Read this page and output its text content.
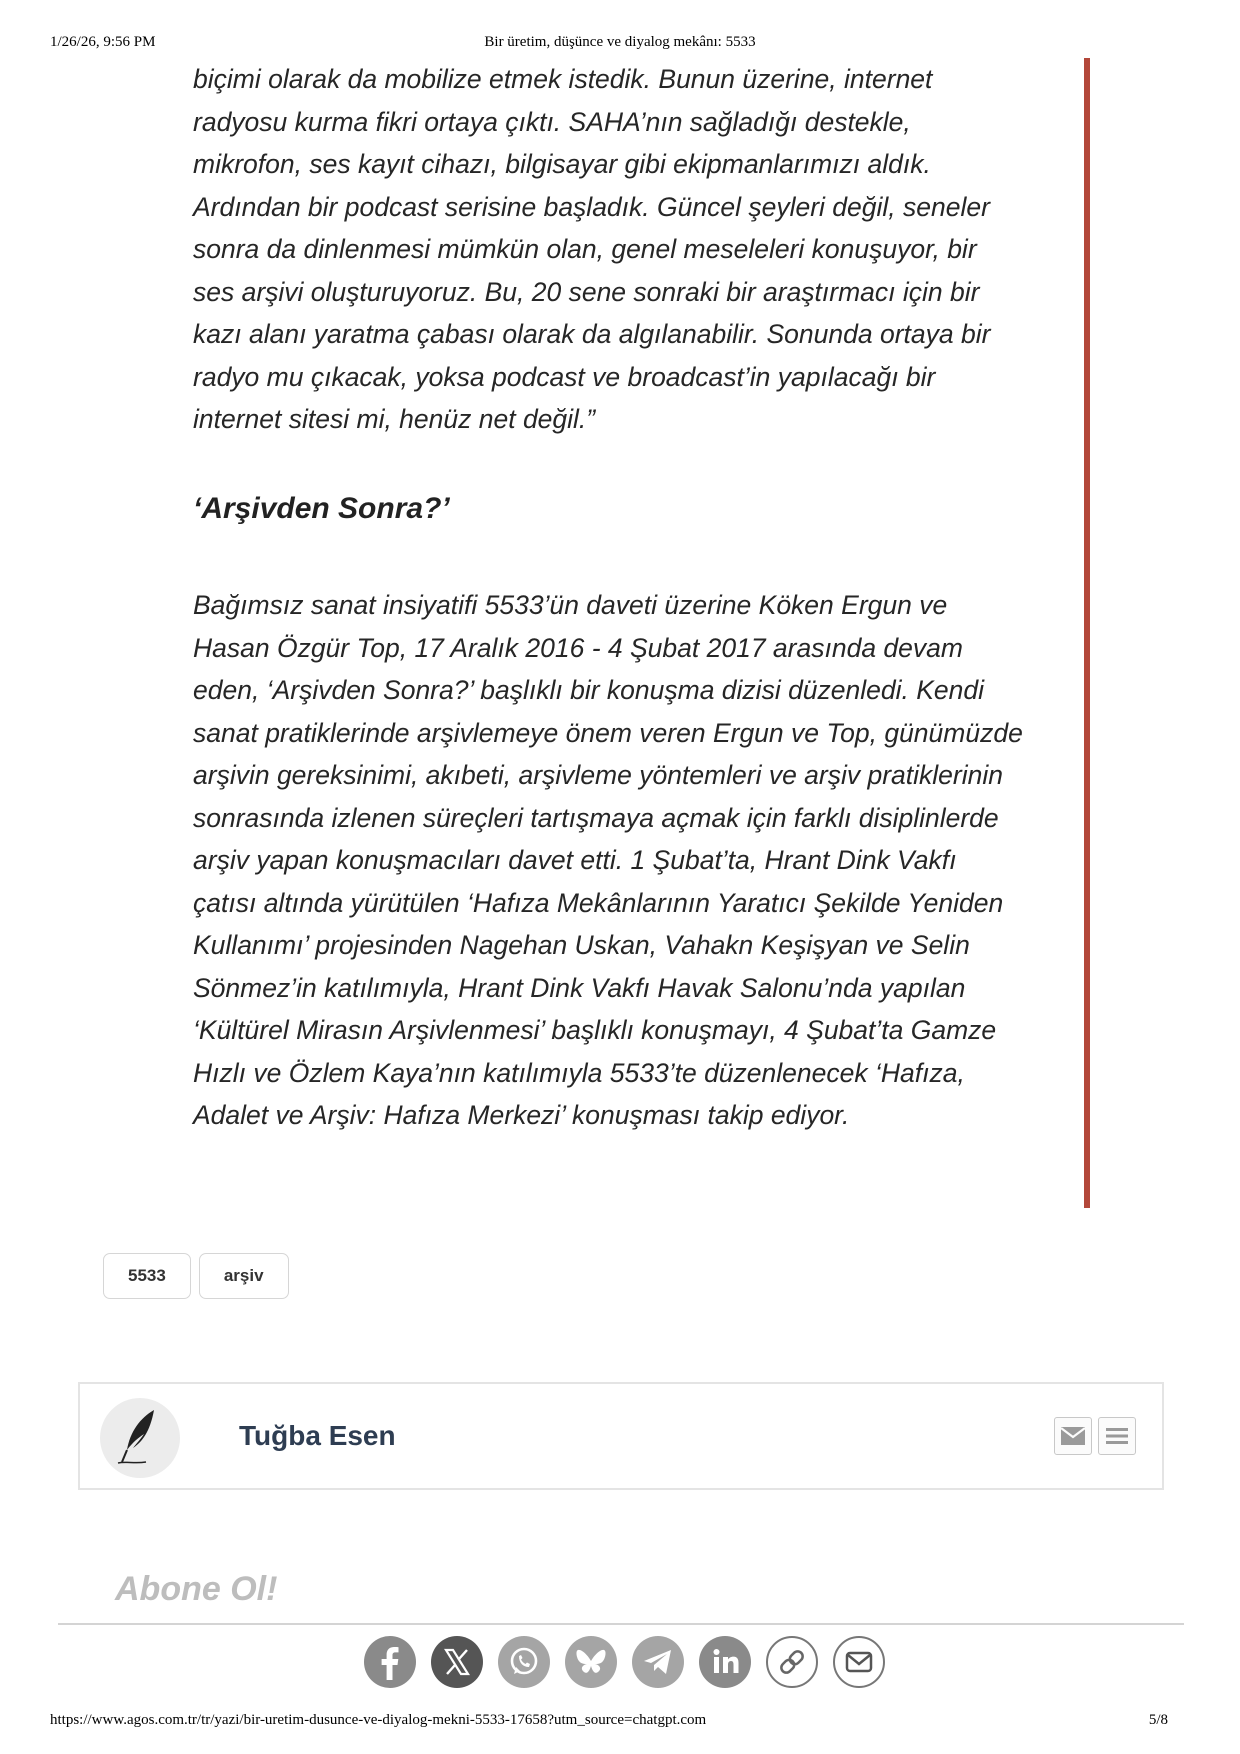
1/26/26, 9:56 PM	Bir üretim, düşünce ve diyalog mekânı: 5533

biçimi olarak da mobilize etmek istedik. Bunun üzerine, internet
radyosu kurma fikri ortaya çıktı. SAHA’nın sağladığı destekle,
mikrofon, ses kayıt cihazı, bilgisayar gibi ekipmanlarımızı aldık.
Ardından bir podcast serisine başladık. Güncel şeyleri değil, seneler
sonra da dinlenmesi mümkün olan, genel meseleleri konuşuyor, bir
ses arşivi oluşturuyoruz. Bu, 20 sene sonraki bir araştırmacı için bir
kazı alanı yaratma çabası olarak da algılanabilir. Sonunda ortaya bir
radyo mu çıkacak, yoksa podcast ve broadcast’in yapılacağı bir
internet sitesi mi, henüz net değil.”

‘Arşivden Sonra?’

Bağımsız sanat insiyatifi 5533’ün daveti üzerine Köken Ergun ve
Hasan Özgür Top, 17 Aralık 2016 - 4 Şubat 2017 arasında devam
eden, ‘Arşivden Sonra?’ başlıklı bir konuşma dizisi düzenledi. Kendi
sanat pratiklerinde arşivlemeye önem veren Ergun ve Top, günümüzde
arşivin gereksinimi, akıbeti, arşivleme yöntemleri ve arşiv pratiklerinin
sonrasında izlenen süreçleri tartışmaya açmak için farklı disiplinlerde
arşiv yapan konuşmacıları davet etti. 1 Şubat’ta, Hrant Dink Vakfı
çatısı altında yürütülen ‘Hafıza Mekânlarının Yaratıcı Şekilde Yeniden
Kullanımı’ projesinden Nagehan Uskan, Vahakn Keşişyan ve Selin
Sönmez’in katılımıyla, Hrant Dink Vakfı Havak Salonu’nda yapılan
‘Kültürel Mirasın Arşivlenmesi’ başlıklı konuşmayı, 4 Şubat’ta Gamze
Hızlı ve Özlem Kaya’nın katılımıyla 5533’te düzenlenecek ‘Hafıza,
Adalet ve Arşiv: Hafıza Merkezi’ konuşması takip ediyor.

5533	arşiv
Tuğba Esen
Abone Ol!
https://www.agos.com.tr/tr/yazi/bir-uretim-dusunce-ve-diyalog-mekni-5533-17658?utm_source=chatgpt.com	5/8
